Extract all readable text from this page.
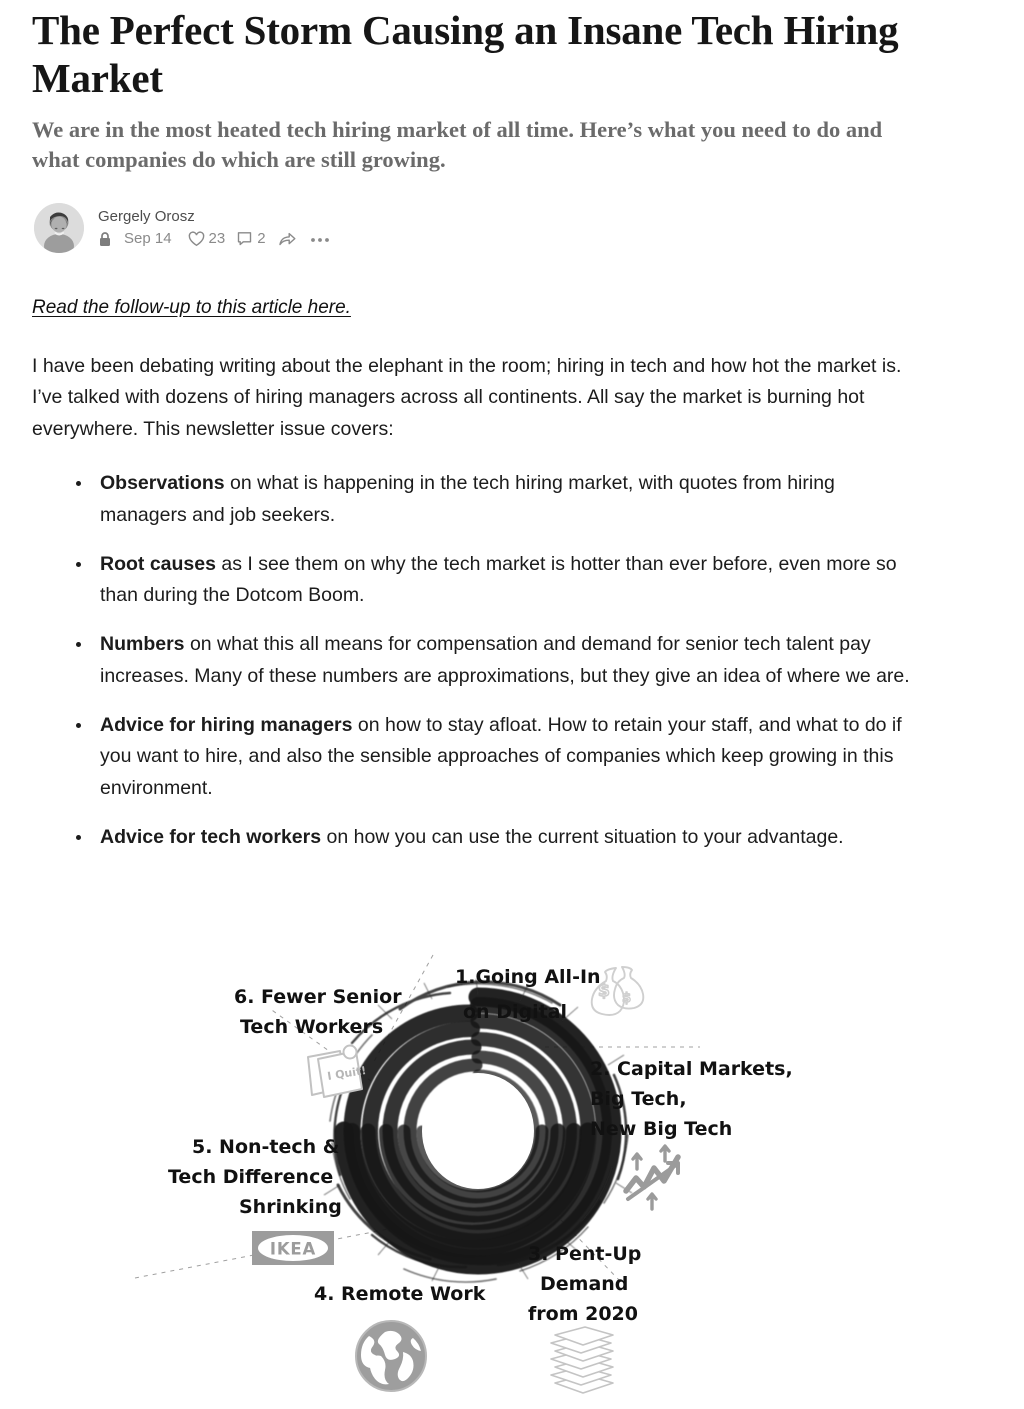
The Perfect Storm Causing an Insane Tech Hiring Market

We are in the most heated tech hiring market of all time. Here’s what you need to do and what companies do which are still growing.

Gergely Orosz
Sep 14 23 2
Read the follow-up to this article here.

I have been debating writing about the elephant in the room; hiring in tech and how hot the market is. I’ve talked with dozens of hiring managers across all continents. All say the market is burning hot everywhere. This newsletter issue covers:

Observations on what is happening in the tech hiring market, with quotes from hiring managers and job seekers.
Root causes as I see them on why the tech market is hotter than ever before, even more so than during the Dotcom Boom.
Numbers on what this all means for compensation and demand for senior tech talent pay increases. Many of these numbers are approximations, but they give an idea of where we are.
Advice for hiring managers on how to stay afloat. How to retain your staff, and what to do if you want to hire, and also the sensible approaches of companies which keep growing in this environment.
Advice for tech workers on how you can use the current situation to your advantage.
1.Going All-In
on Digital
$ $
2. Capital Markets,
Big Tech,
New Big Tech
3. Pent-Up
Demand
from 2020
4. Remote Work
5. Non-tech &
Tech Difference
Shrinking
IKEA
6. Fewer Senior
Tech Workers
I Quit!
